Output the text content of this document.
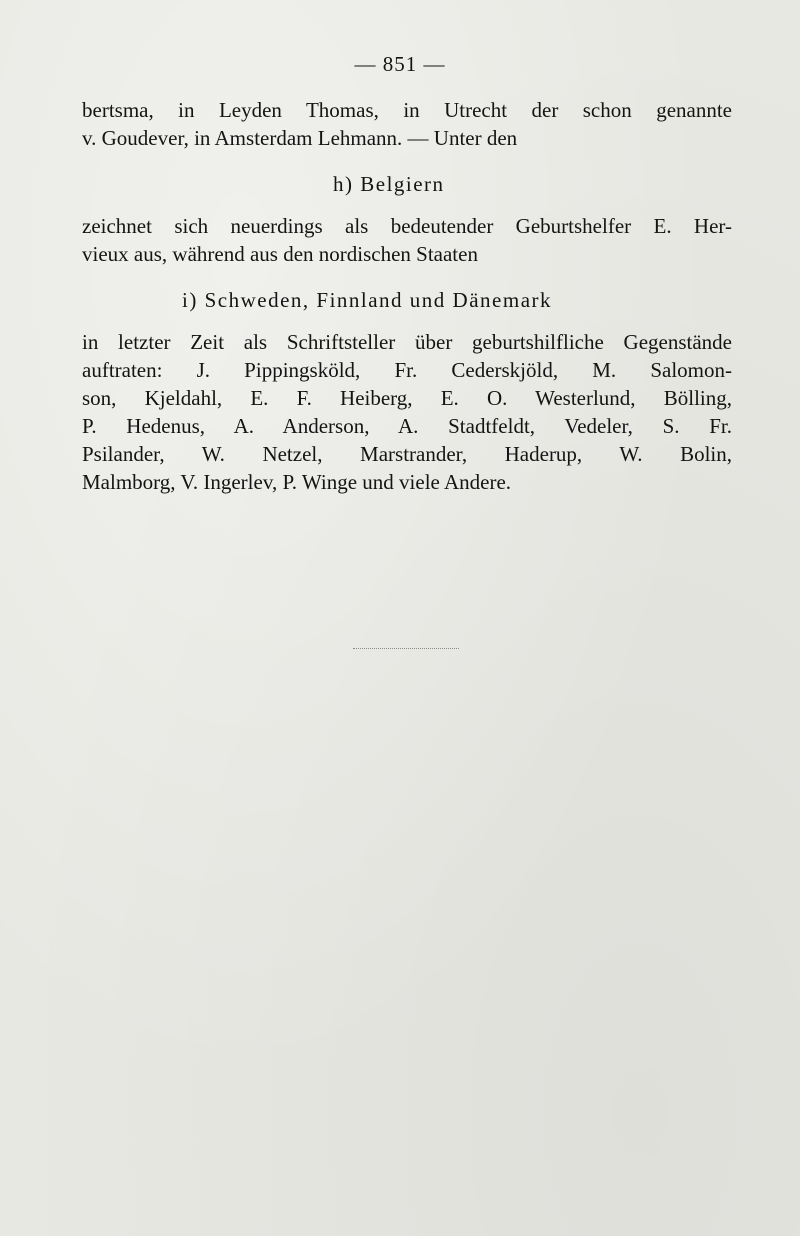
— 851 —
bertsma, in Leyden Thomas, in Utrecht der schon genannte
v. Goudever, in Amsterdam Lehmann. — Unter den
h) Belgiern
zeichnet sich neuerdings als bedeutender Geburtshelfer E. Her-
vieux aus, während aus den nordischen Staaten
i) Schweden, Finnland und Dänemark
in letzter Zeit als Schriftsteller über geburtshilfliche Gegenstände
auftraten: J. Pippingsköld, Fr. Cederskjöld, M. Salomon-
son, Kjeldahl, E. F. Heiberg, E. O. Westerlund, Bölling,
P. Hedenus, A. Anderson, A. Stadtfeldt, Vedeler, S. Fr.
Psilander, W. Netzel, Marstrander, Haderup, W. Bolin,
Malmborg, V. Ingerlev, P. Winge und viele Andere.
